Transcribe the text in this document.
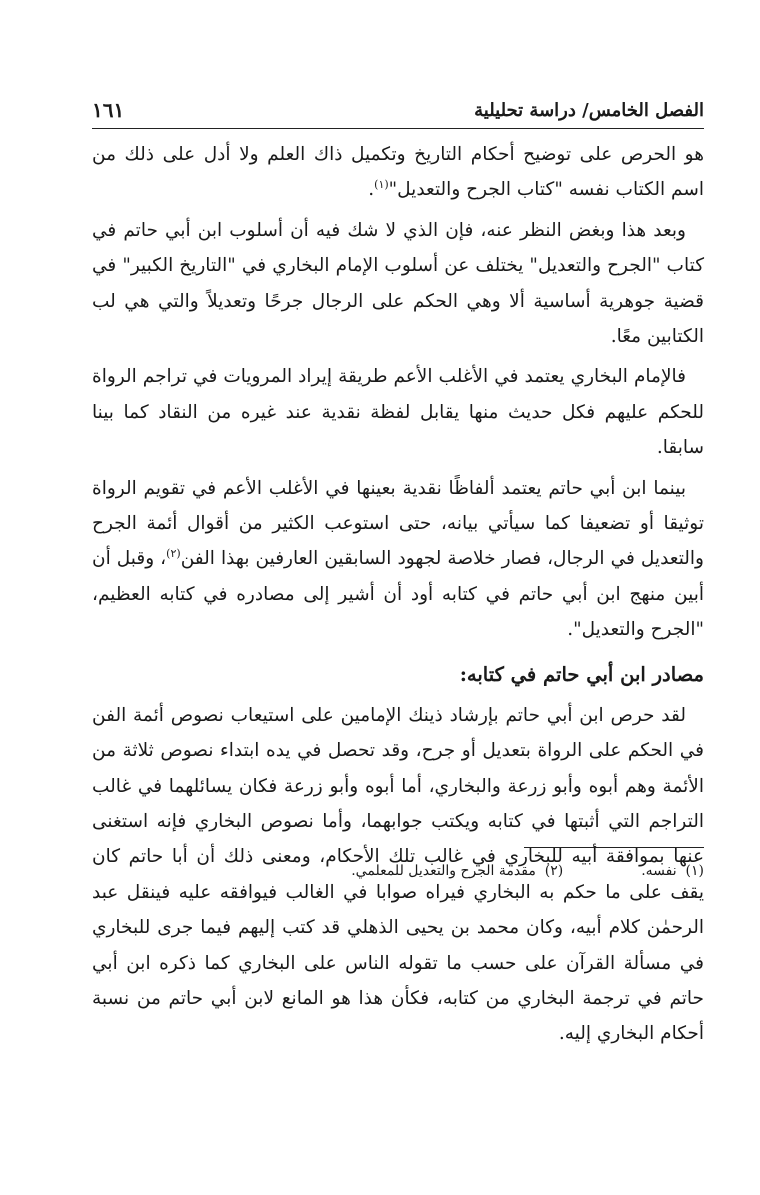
الفصل الخامس/ دراسة تحليلية
١٦١

هو الحرص على توضيح أحكام التاريخ وتكميل ذاك العلم ولا أدل على ذلك من اسم الكتاب نفسه "كتاب الجرح والتعديل"$^{(١)}$.

وبعد هذا وبغض النظر عنه، فإن الذي لا شك فيه أن أسلوب ابن أبي حاتم في كتاب "الجرح والتعديل" يختلف عن أسلوب الإمام البخاري في "التاريخ الكبير" في قضية جوهرية أساسية ألا وهي الحكم على الرجال جرحًا وتعديلاً والتي هي لب الكتابين معًا.

فالإمام البخاري يعتمد في الأغلب الأعم طريقة إيراد المرويات في تراجم الرواة للحكم عليهم فكل حديث منها يقابل لفظة نقدية عند غيره من النقاد كما بينا سابقا.

بينما ابن أبي حاتم يعتمد ألفاظًا نقدية بعينها في الأغلب الأعم في تقويم الرواة توثيقا أو تضعيفا كما سيأتي بيانه، حتى استوعب الكثير من أقوال أئمة الجرح والتعديل في الرجال، فصار خلاصة لجهود السابقين العارفين بهذا الفن$^{(٢)}$، وقبل أن أبين منهج ابن أبي حاتم في كتابه أود أن أشير إلى مصادره في كتابه العظيم، "الجرح والتعديل".

مصادر ابن أبي حاتم في كتابه:

لقد حرص ابن أبي حاتم بإرشاد ذينك الإمامين على استيعاب نصوص أئمة الفن في الحكم على الرواة بتعديل أو جرح، وقد تحصل في يده ابتداء نصوص ثلاثة من الأئمة وهم أبوه وأبو زرعة والبخاري، أما أبوه وأبو زرعة فكان يسائلهما في غالب التراجم التي أثبتها في كتابه ويكتب جوابهما، وأما نصوص البخاري فإنه استغنى عنها بموافقة أبيه للبخاري في غالب تلك الأحكام، ومعنى ذلك أن أبا حاتم كان يقف على ما حكم به البخاري فيراه صوابا في الغالب فيوافقه عليه فينقل عبد الرحمٰن كلام أبيه، وكان محمد بن يحيى الذهلي قد كتب إليهم فيما جرى للبخاري في مسألة القرآن على حسب ما تقوله الناس على البخاري كما ذكره ابن أبي حاتم في ترجمة البخاري من كتابه، فكأن هذا هو المانع لابن أبي حاتم من نسبة أحكام البخاري إليه.

(١)  نفسه.
(٢)  مقدمة الجرح والتعديل للمعلمي.
